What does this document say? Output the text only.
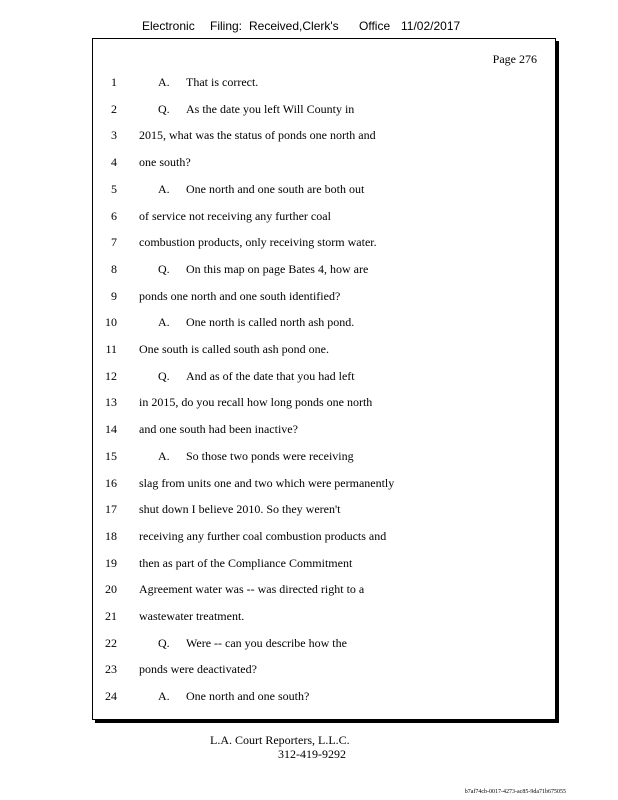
Electronic Filing: Received,Clerk's Office 11/02/2017
Page 276
1	A. That is correct.
2	Q. As the date you left Will County in
3 2015, what was the status of ponds one north and
4 one south?
5	A. One north and one south are both out
6 of service not receiving any further coal
7 combustion products, only receiving storm water.
8	Q. On this map on page Bates 4, how are
9 ponds one north and one south identified?
10	A. One north is called north ash pond.
11 One south is called south ash pond one.
12	Q. And as of the date that you had left
13 in 2015, do you recall how long ponds one north
14 and one south had been inactive?
15	A. So those two ponds were receiving
16 slag from units one and two which were permanently
17 shut down I believe 2010. So they weren't
18 receiving any further coal combustion products and
19 then as part of the Compliance Commitment
20 Agreement water was -- was directed right to a
21 wastewater treatment.
22	Q. Were -- can you describe how the
23 ponds were deactivated?
24	A. One north and one south?
L.A. Court Reporters, L.L.C.
312-419-9292
b7af74cb-0017-4273-ac85-9da71b675055
